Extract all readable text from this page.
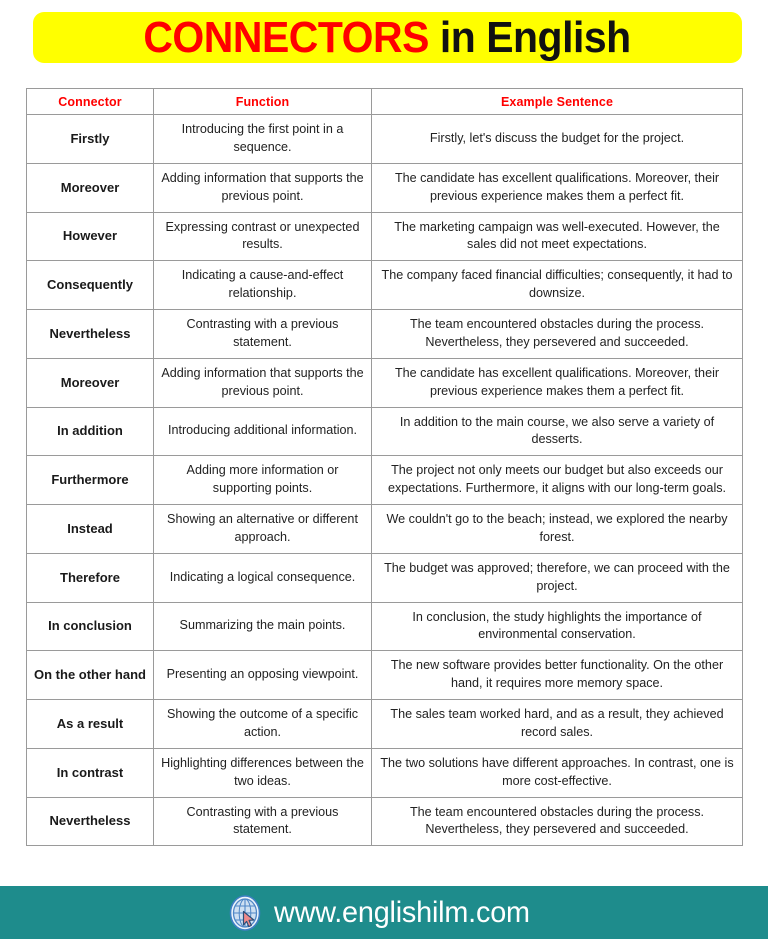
CONNECTORS in English
Connector	Function	Example Sentence
Firstly	Introducing the first point in a sequence.	Firstly, let's discuss the budget for the project.
Moreover	Adding information that supports the previous point.	The candidate has excellent qualifications. Moreover, their previous experience makes them a perfect fit.
However	Expressing contrast or unexpected results.	The marketing campaign was well-executed. However, the sales did not meet expectations.
Consequently	Indicating a cause-and-effect relationship.	The company faced financial difficulties; consequently, it had to downsize.
Nevertheless	Contrasting with a previous statement.	The team encountered obstacles during the process. Nevertheless, they persevered and succeeded.
Moreover	Adding information that supports the previous point.	The candidate has excellent qualifications. Moreover, their previous experience makes them a perfect fit.
In addition	Introducing additional information.	In addition to the main course, we also serve a variety of desserts.
Furthermore	Adding more information or supporting points.	The project not only meets our budget but also exceeds our expectations. Furthermore, it aligns with our long-term goals.
Instead	Showing an alternative or different approach.	We couldn't go to the beach; instead, we explored the nearby forest.
Therefore	Indicating a logical consequence.	The budget was approved; therefore, we can proceed with the project.
In conclusion	Summarizing the main points.	In conclusion, the study highlights the importance of environmental conservation.
On the other hand	Presenting an opposing viewpoint.	The new software provides better functionality. On the other hand, it requires more memory space.
As a result	Showing the outcome of a specific action.	The sales team worked hard, and as a result, they achieved record sales.
In contrast	Highlighting differences between the two ideas.	The two solutions have different approaches. In contrast, one is more cost-effective.
Nevertheless	Contrasting with a previous statement.	The team encountered obstacles during the process. Nevertheless, they persevered and succeeded.
www.englishilm.com
